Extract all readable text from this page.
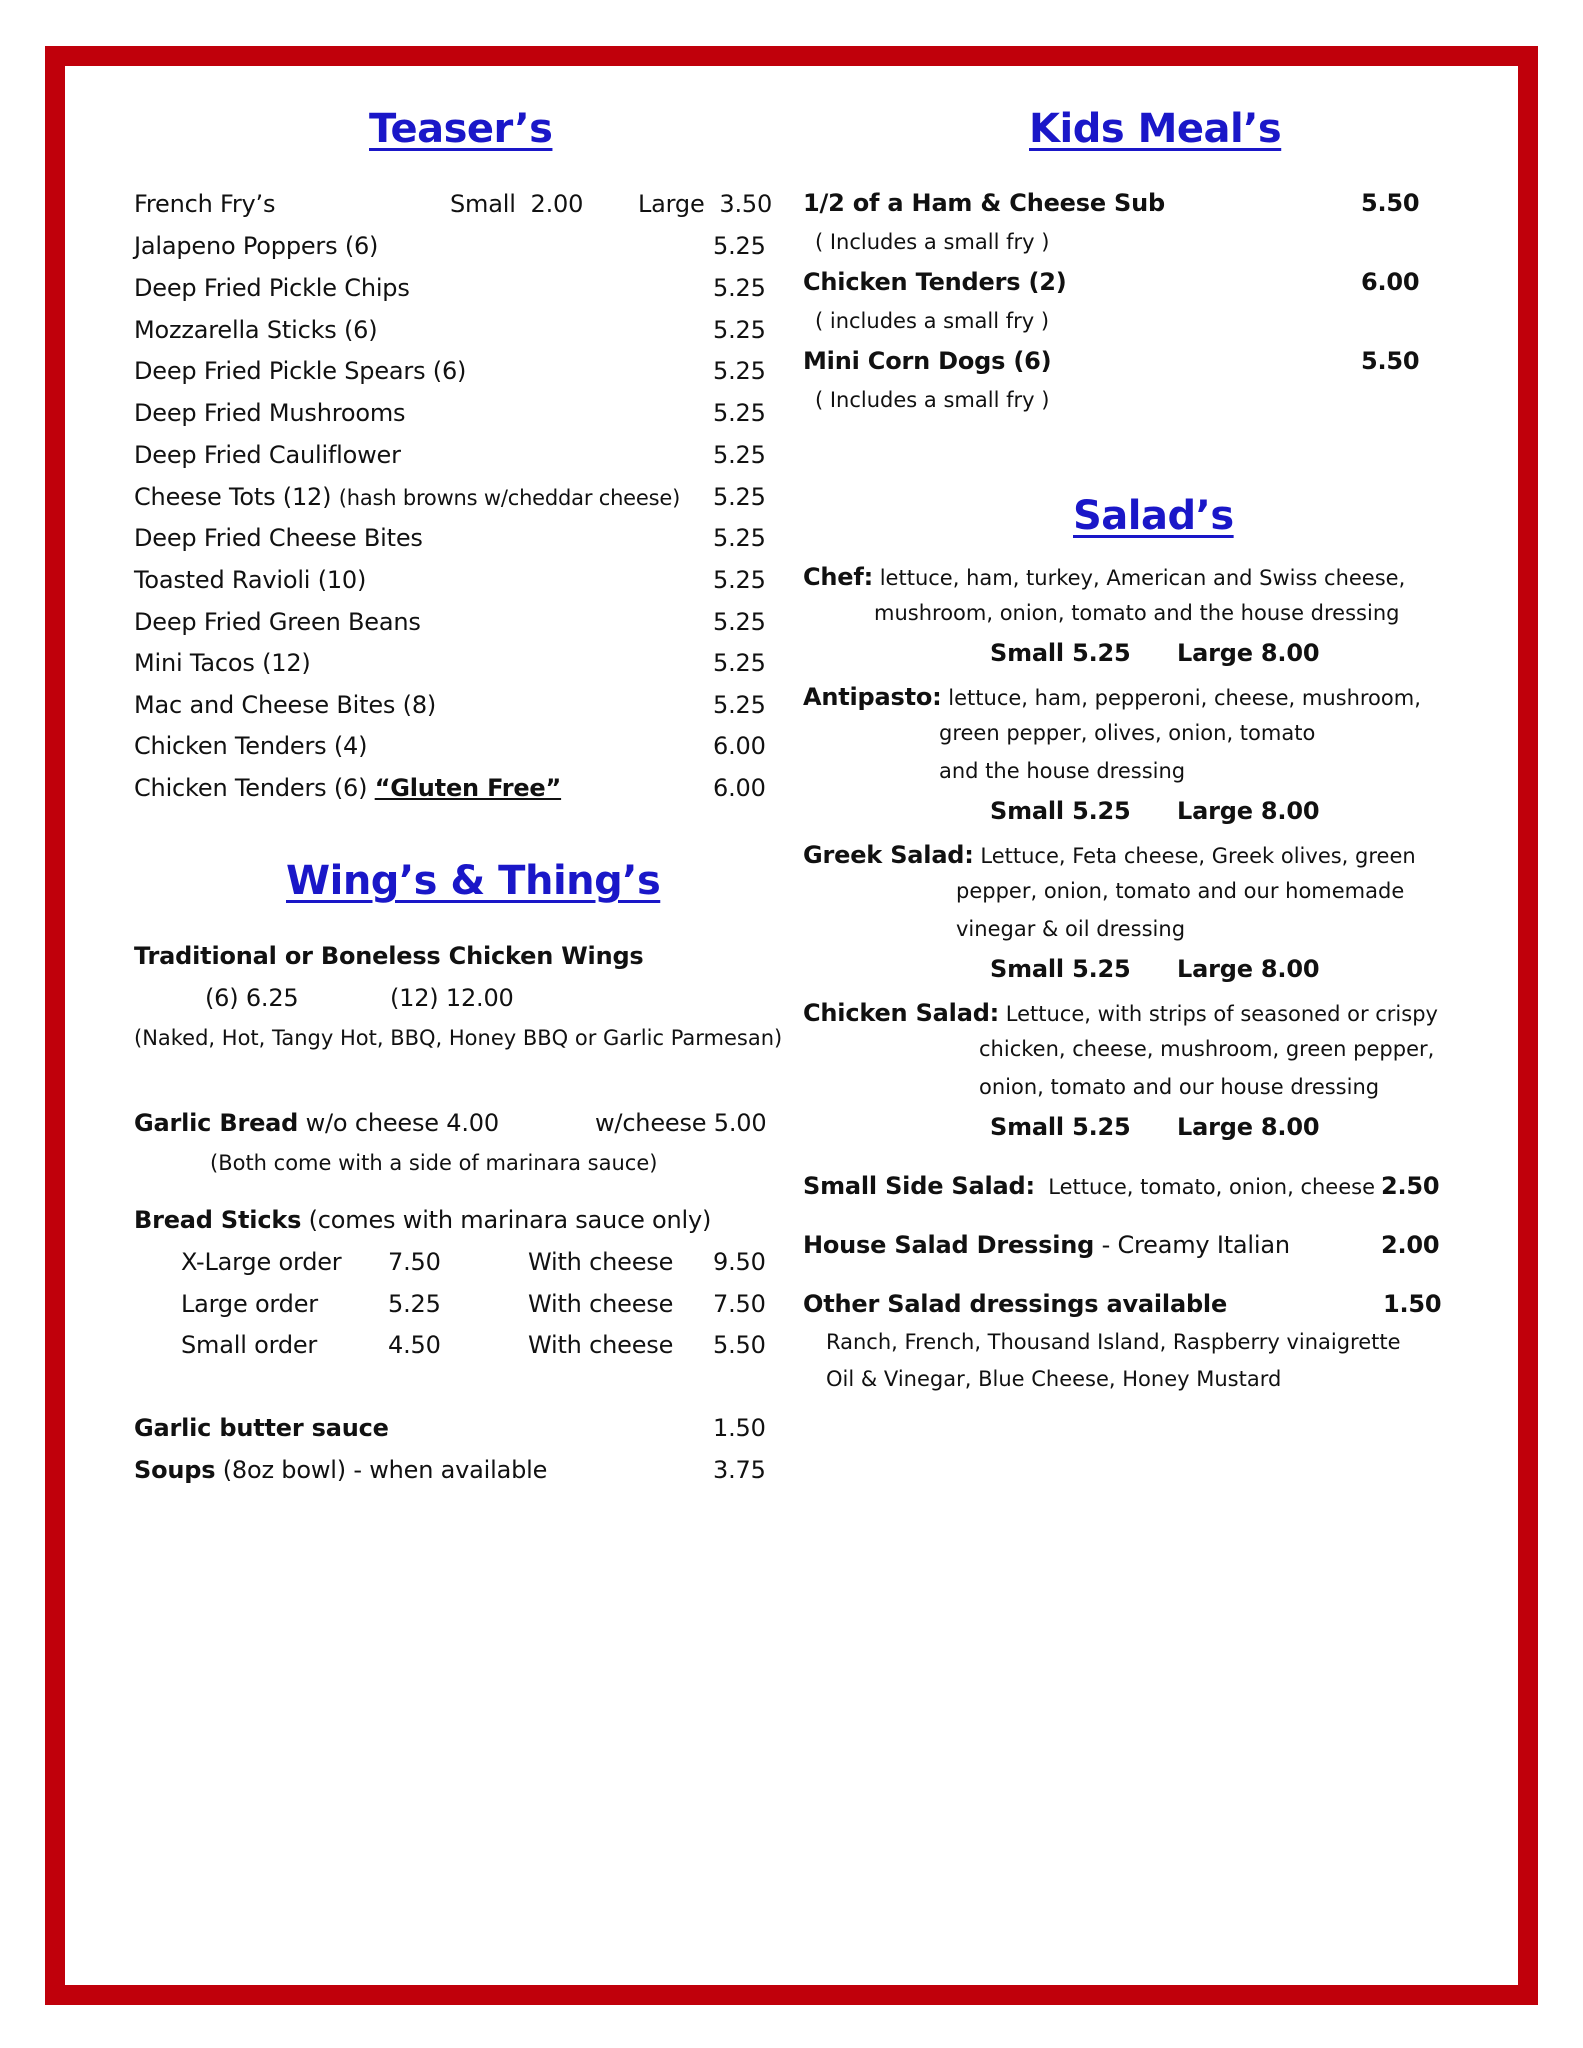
Teaser’s
French Fry’s	Small 2.00 Large 3.50
Jalapeno Poppers (6)	5.25
Deep Fried Pickle Chips	5.25
Mozzarella Sticks (6)	5.25
Deep Fried Pickle Spears (6)	5.25
Deep Fried Mushrooms	5.25
Deep Fried Cauliflower	5.25
Cheese Tots (12) (hash browns w/cheddar cheese) 5.25
Deep Fried Cheese Bites	5.25
Toasted Ravioli (10)	5.25
Deep Fried Green Beans	5.25
Mini Tacos (12)	5.25
Mac and Cheese Bites (8)	5.25
Chicken Tenders (4)	6.00
Chicken Tenders (6) “Gluten Free”	6.00
Wing’s & Thing’s
Traditional or Boneless Chicken Wings
(6) 6.25	(12) 12.00
(Naked, Hot, Tangy Hot, BBQ, Honey BBQ or Garlic Parmesan)
Garlic Bread w/o cheese 4.00	w/cheese 5.00
(Both come with a side of marinara sauce)
Bread Sticks (comes with marinara sauce only)
X-Large order 7.50	With cheese 9.50
Large order	5.25	With cheese 7.50
Small order	4.50	With cheese 5.50
Garlic butter sauce	1.50
Soups (8oz bowl) - when available	3.75
Kids Meal’s
1/2 of a Ham & Cheese Sub	5.50
( Includes a small fry )
Chicken Tenders (2)	6.00
( includes a small fry )
Mini Corn Dogs (6)	5.50
( Includes a small fry )
Salad’s
Chef: lettuce, ham, turkey, American and Swiss cheese,
mushroom, onion, tomato and the house dressing
Small 5.25 Large 8.00
Antipasto: lettuce, ham, pepperoni, cheese, mushroom,
green pepper, olives, onion, tomato
and the house dressing
Small 5.25 Large 8.00
Greek Salad: Lettuce, Feta cheese, Greek olives, green
pepper, onion, tomato and our homemade
vinegar & oil dressing
Small 5.25 Large 8.00
Chicken Salad: Lettuce, with strips of seasoned or crispy
chicken, cheese, mushroom, green pepper,
onion, tomato and our house dressing
Small 5.25 Large 8.00
Small Side Salad: Lettuce, tomato, onion, cheese 2.50
House Salad Dressing - Creamy Italian	2.00
Other Salad dressings available	1.50
Ranch, French, Thousand Island, Raspberry vinaigrette
Oil & Vinegar, Blue Cheese, Honey Mustard
